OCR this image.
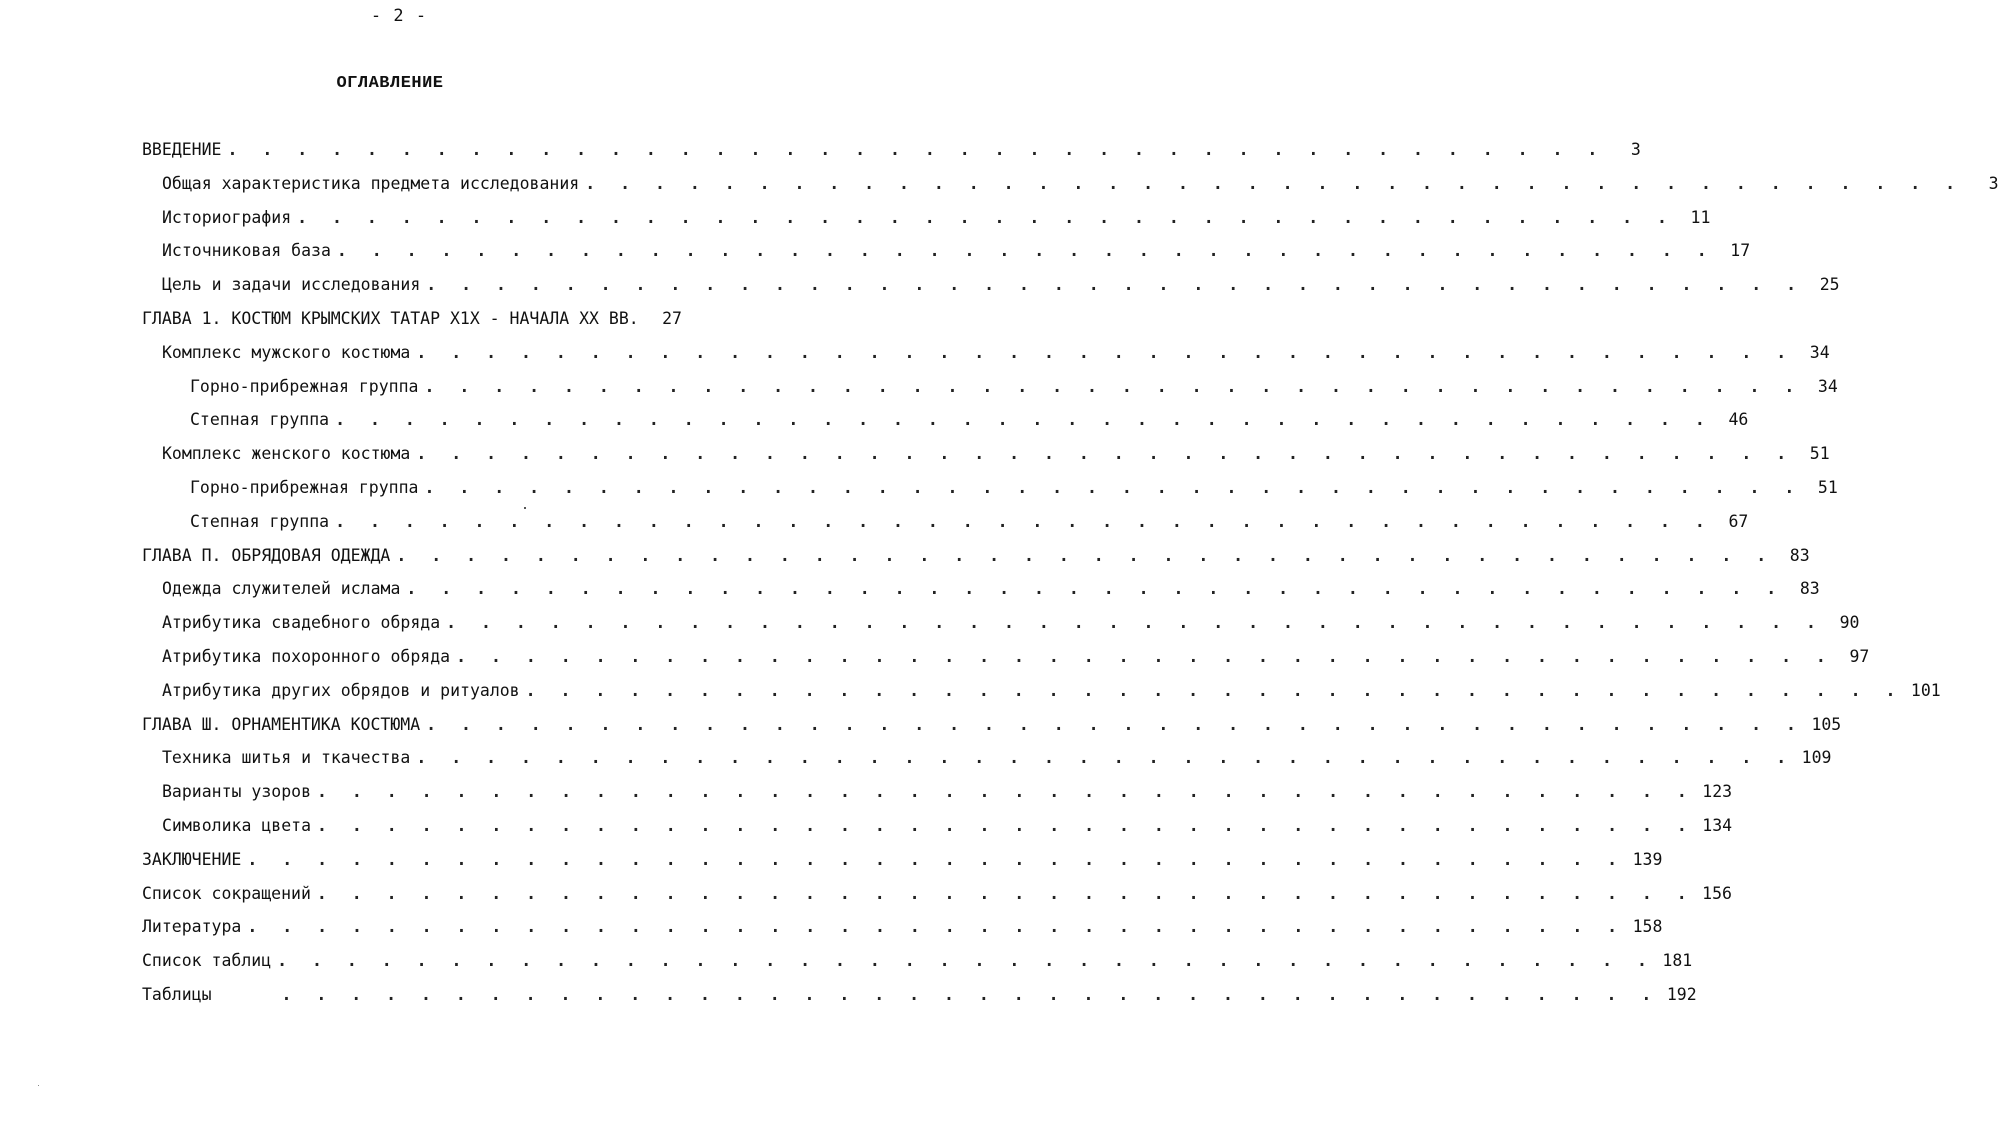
- 2 -
ОГЛАВЛЕНИЕ
ВВЕДЕНИЕ . . . . . . . . . . . . . . . . . . . . . . . . . . . . . . . . . . . . . . . .	3
Общая характеристика предмета исследования . . . . . . . . . . . . . . . . . . . . . . . . . . . . . . . . . . . . . . . .	3
Историография . . . . . . . . . . . . . . . . . . . . . . . . . . . . . . . . . . . . . . . . 11
Источниковая база . . . . . . . . . . . . . . . . . . . . . . . . . . . . . . . . . . . . . . . . 17
Цель и задачи исследования . . . . . . . . . . . . . . . . . . . . . . . . . . . . . . . . . . . . . . . . 25
ГЛАВА 1. КОСТЮМ КРЫМСКИХ ТАТАР X1X - НАЧАЛА XX ВВ.	27
Комплекс мужского костюма . . . . . . . . . . . . . . . . . . . . . . . . . . . . . . . . . . . . . . . . 34
Горно-прибрежная группа . . . . . . . . . . . . . . . . . . . . . . . . . . . . . . . . . . . . . . . . 34
Степная группа . . . . . . . . . . . . . . . . . . . . . . . . . . . . . . . . . . . . . . . . 46
Комплекс женского костюма . . . . . . . . . . . . . . . . . . . . . . . . . . . . . . . . . . . . . . . . 51
Горно-прибрежная группа . . . . . . . . . . . . . . . . . . . . . . . . . . . . . . . . . . . . . . . . 51
Степная группа . . . . . . . . . . . . . . . . . . . . . . . . . . . . . . . . . . . . . . . . 67
ГЛАВА П. ОБРЯДОВАЯ ОДЕЖДА . . . . . . . . . . . . . . . . . . . . . . . . . . . . . . . . . . . . . . . . 83
Одежда служителей ислама . . . . . . . . . . . . . . . . . . . . . . . . . . . . . . . . . . . . . . . . 83
Атрибутика свадебного обряда . . . . . . . . . . . . . . . . . . . . . . . . . . . . . . . . . . . . . . . . 90
Атрибутика похоронного обряда . . . . . . . . . . . . . . . . . . . . . . . . . . . . . . . . . . . . . . . . 97
Атрибутика других обрядов и ритуалов . . . . . . . . . . . . . . . . . . . . . . . . . . . . . . . . . . . . . . . . 101
ГЛАВА Ш. ОРНАМЕНТИКА КОСТЮМА . . . . . . . . . . . . . . . . . . . . . . . . . . . . . . . . . . . . . . . . 105
Техника шитья и ткачества . . . . . . . . . . . . . . . . . . . . . . . . . . . . . . . . . . . . . . . . 109
Варианты узоров . . . . . . . . . . . . . . . . . . . . . . . . . . . . . . . . . . . . . . . . 123
Символика цвета . . . . . . . . . . . . . . . . . . . . . . . . . . . . . . . . . . . . . . . . 134
ЗАКЛЮЧЕНИЕ . . . . . . . . . . . . . . . . . . . . . . . . . . . . . . . . . . . . . . . . 139
Список сокращений . . . . . . . . . . . . . . . . . . . . . . . . . . . . . . . . . . . . . . . . 156
Литература . . . . . . . . . . . . . . . . . . . . . . . . . . . . . . . . . . . . . . . . 158
Список таблиц . . . . . . . . . . . . . . . . . . . . . . . . . . . . . . . . . . . . . . . . 181
Таблицы	. . . . . . . . . . . . . . . . . . . . . . . . . . . . . . . . . . . . . . . . 192
